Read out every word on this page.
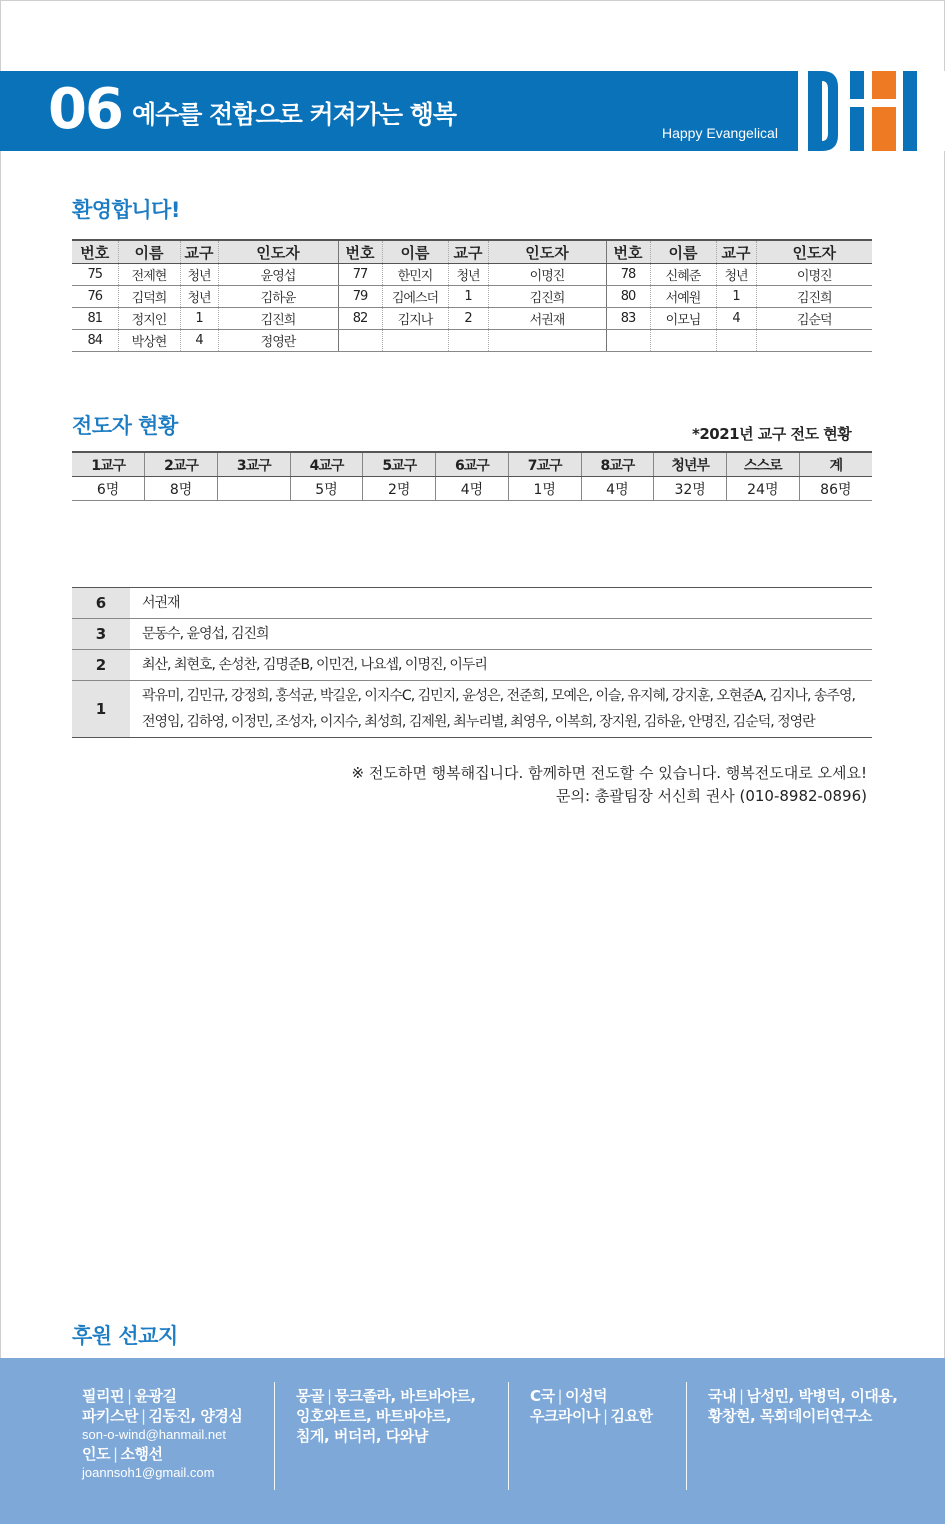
06 예수를 전함으로 커져가는 행복
Happy Evangelical
환영합니다!
번호	이름	교구	인도자	번호	이름	교구	인도자	번호	이름	교구	인도자
75	전제현	청년	윤영섭	77	한민지	청년	이명진	78	신혜준	청년	이명진
76	김덕희	청년	김하윤	79	김에스더	1	김진희	80	서예원	1	김진희
81	정지인	1	김진희	82	김지나	2	서권재	83	이모님	4	김순덕
84	박상현	4	정영란								
전도자 현황	*2021년 교구 전도 현황
1교구	2교구	3교구	4교구	5교구	6교구	7교구	8교구	청년부	스스로	계
6명	8명		5명	2명	4명	1명	4명	32명	24명	86명
6	서권재
3	문동수, 윤영섭, 김진희
2	최산, 최현호, 손성찬, 김명준B, 이민건, 나요셉, 이명진, 이두리
1	곽유미, 김민규, 강정희, 홍석균, 박길운, 이지수C, 김민지, 윤성은, 전준희, 모예은, 이슬, 유지혜, 강지훈, 오현준A, 김지나, 송주영, 전영임, 김하영, 이정민, 조성자, 이지수, 최성희, 김제원, 최누리별, 최영우, 이복희, 장지원, 김하윤, 안명진, 김순덕, 정영란
※ 전도하면 행복해집니다. 함께하면 전도할 수 있습니다. 행복전도대로 오세요!
문의: 총괄팀장 서신희 권사 (010-8982-0896)
후원 선교지
필리핀 | 윤광길
파키스탄 | 김동진, 양경심
son-o-wind@hanmail.net
인도 | 소행선
joannsoh1@gmail.com
몽골 | 뭉크졸라, 바트바야르,
잉호와트르, 바트바야르,
침게, 버더러, 다와냠
C국 | 이성덕
우크라이나 | 김요한
국내 | 남성민, 박병덕, 이대용,
황창현, 목회데이터연구소
